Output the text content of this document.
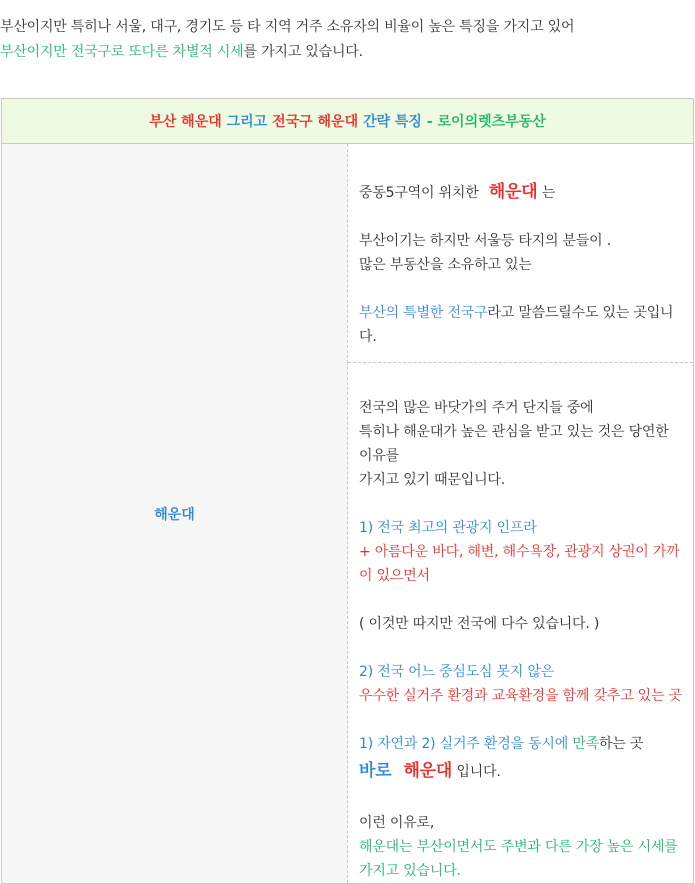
부산이지만 특히나 서울, 대구, 경기도 등 타 지역 거주 소유자의 비율이 높은 특징을 가지고 있어

부산이지만 전국구로 또다른 차별적 시세를 가지고 있습니다.

부산 해운대 그리고 전국구 해운대 간략 특징 - 로이의렛츠부동산
해운대	

중동5구역이 위치한 해운대 는

부산이기는 하지만 서울등 타지의 분들이 .

많은 부동산을 소유하고 있는

부산의 특별한 전국구라고 말씀드릴수도 있는 곳입니다.

전국의 많은 바닷가의 주거 단지들 중에

특히나 해운대가 높은 관심을 받고 있는 것은 당연한 이유를

가지고 있기 때문입니다.

1) 전국 최고의 관광지 인프라

+ 아름다운 바다, 해변, 해수욕장, 관광지 상권이 가까이 있으면서

( 이것만 따지만 전국에 다수 있습니다. )

2) 전국 어느 중심도심 못지 않은

우수한 실거주 환경과 교육환경을 함께 갖추고 있는 곳

1) 자연과 2) 실거주 환경을 동시에 만족하는 곳

바로 해운대 입니다.

이런 이유로,

해운대는 부산이면서도 주변과 다른 가장 높은 시세를 가지고 있습니다.
